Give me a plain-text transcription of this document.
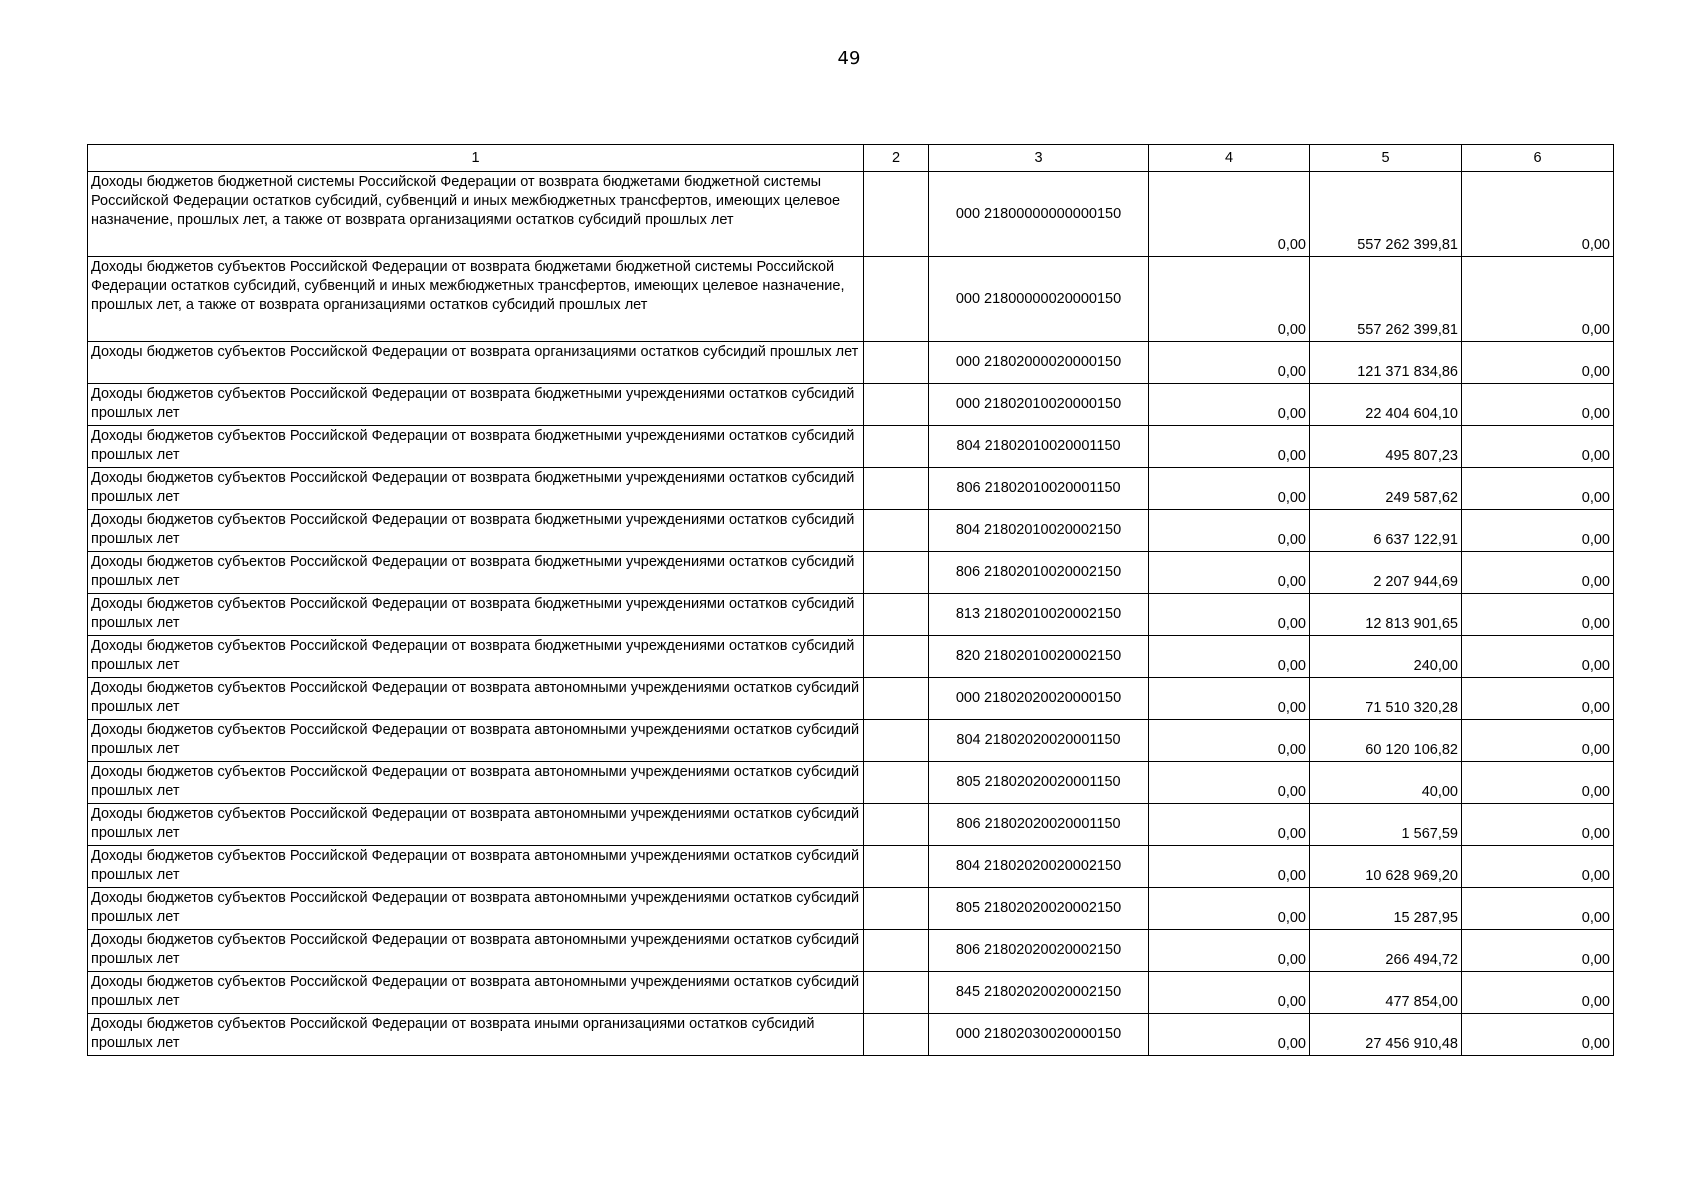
49
1	2	3	4	5	6
Доходы бюджетов бюджетной системы Российской Федерации от возврата бюджетами бюджетной системы Российской Федерации остатков субсидий, субвенций и иных межбюджетных трансфертов, имеющих целевое назначение, прошлых лет, а также от возврата организациями остатков субсидий прошлых лет		000 21800000000000150	0,00	557 262 399,81	0,00
Доходы бюджетов субъектов Российской Федерации от возврата бюджетами бюджетной системы Российской Федерации остатков субсидий, субвенций и иных межбюджетных трансфертов, имеющих целевое назначение, прошлых лет, а также от возврата организациями остатков субсидий прошлых лет		000 21800000020000150	0,00	557 262 399,81	0,00
Доходы бюджетов субъектов Российской Федерации от возврата организациями остатков субсидий прошлых лет		000 21802000020000150	0,00	121 371 834,86	0,00
Доходы бюджетов субъектов Российской Федерации от возврата бюджетными учреждениями остатков субсидий прошлых лет		000 21802010020000150	0,00	22 404 604,10	0,00
Доходы бюджетов субъектов Российской Федерации от возврата бюджетными учреждениями остатков субсидий прошлых лет		804 21802010020001150	0,00	495 807,23	0,00
Доходы бюджетов субъектов Российской Федерации от возврата бюджетными учреждениями остатков субсидий прошлых лет		806 21802010020001150	0,00	249 587,62	0,00
Доходы бюджетов субъектов Российской Федерации от возврата бюджетными учреждениями остатков субсидий прошлых лет		804 21802010020002150	0,00	6 637 122,91	0,00
Доходы бюджетов субъектов Российской Федерации от возврата бюджетными учреждениями остатков субсидий прошлых лет		806 21802010020002150	0,00	2 207 944,69	0,00
Доходы бюджетов субъектов Российской Федерации от возврата бюджетными учреждениями остатков субсидий прошлых лет		813 21802010020002150	0,00	12 813 901,65	0,00
Доходы бюджетов субъектов Российской Федерации от возврата бюджетными учреждениями остатков субсидий прошлых лет		820 21802010020002150	0,00	240,00	0,00
Доходы бюджетов субъектов Российской Федерации от возврата автономными учреждениями остатков субсидий прошлых лет		000 21802020020000150	0,00	71 510 320,28	0,00
Доходы бюджетов субъектов Российской Федерации от возврата автономными учреждениями остатков субсидий прошлых лет		804 21802020020001150	0,00	60 120 106,82	0,00
Доходы бюджетов субъектов Российской Федерации от возврата автономными учреждениями остатков субсидий прошлых лет		805 21802020020001150	0,00	40,00	0,00
Доходы бюджетов субъектов Российской Федерации от возврата автономными учреждениями остатков субсидий прошлых лет		806 21802020020001150	0,00	1 567,59	0,00
Доходы бюджетов субъектов Российской Федерации от возврата автономными учреждениями остатков субсидий прошлых лет		804 21802020020002150	0,00	10 628 969,20	0,00
Доходы бюджетов субъектов Российской Федерации от возврата автономными учреждениями остатков субсидий прошлых лет		805 21802020020002150	0,00	15 287,95	0,00
Доходы бюджетов субъектов Российской Федерации от возврата автономными учреждениями остатков субсидий прошлых лет		806 21802020020002150	0,00	266 494,72	0,00
Доходы бюджетов субъектов Российской Федерации от возврата автономными учреждениями остатков субсидий прошлых лет		845 21802020020002150	0,00	477 854,00	0,00
Доходы бюджетов субъектов Российской Федерации от возврата иными организациями остатков субсидий прошлых лет		000 21802030020000150	0,00	27 456 910,48	0,00
